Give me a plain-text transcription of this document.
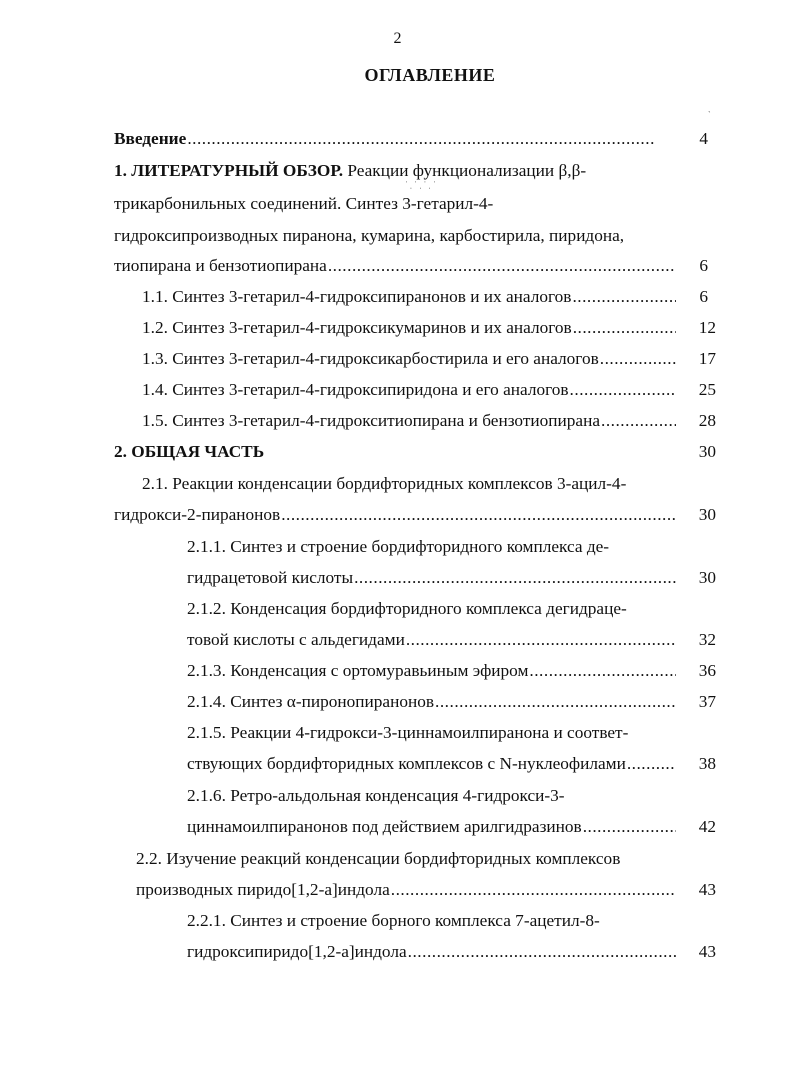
2
ОГЛАВЛЕНИЕ
Введение .....	4
1. ЛИТЕРАТУРНЫЙ ОБЗОР. Реакции функционализации β,β-
трикарбонильных соединений. Синтез 3-гетарил-4-
гидроксипроизводных пиранона, кумарина, карбостирила, пиридона,
тиопирана и бензотиопирана .....	6
1.1. Синтез 3-гетарил-4-гидроксипиранонов и их аналогов .....	6
1.2. Синтез 3-гетарил-4-гидроксикумаринов и их аналогов .....	12
1.3. Синтез 3-гетарил-4-гидроксикарбостирила и его аналогов .....	17
1.4. Синтез 3-гетарил-4-гидроксипиридона и его аналогов .....	25
1.5. Синтез 3-гетарил-4-гидрокситиопирана и бензотиопирана .....	28
2. ОБЩАЯ ЧАСТЬ	30
2.1. Реакции конденсации бордифторидных комплексов 3-ацил-4-
гидрокси-2-пиранонов .....	30
2.1.1. Синтез и строение бордифторидного комплекса де-
гидрацетовой кислоты .....	30
2.1.2. Конденсация бордифторидного комплекса дегидраце-
товой кислоты с альдегидами .....	32
2.1.3. Конденсация с ортомуравьиным эфиром .....	36
2.1.4. Синтез α-пиронопиранонов .....	37
2.1.5. Реакции 4-гидрокси-3-циннамоилпиранона и соответ-
ствующих бордифторидных комплексов с N-нуклеофилами .....	38
2.1.6. Ретро-альдольная конденсация 4-гидрокси-3-
циннамоилпиранонов под действием арилгидразинов .....	42
2.2. Изучение реакций конденсации бордифторидных комплексов
производных пиридо[1,2-а]индола .....	43
2.2.1. Синтез и строение борного комплекса 7-ацетил-8-
гидроксипиридо[1,2-а]индола .....	43
ˋ
ˈ ˌ ˈ ˌ ˈ ˌ ˈ
